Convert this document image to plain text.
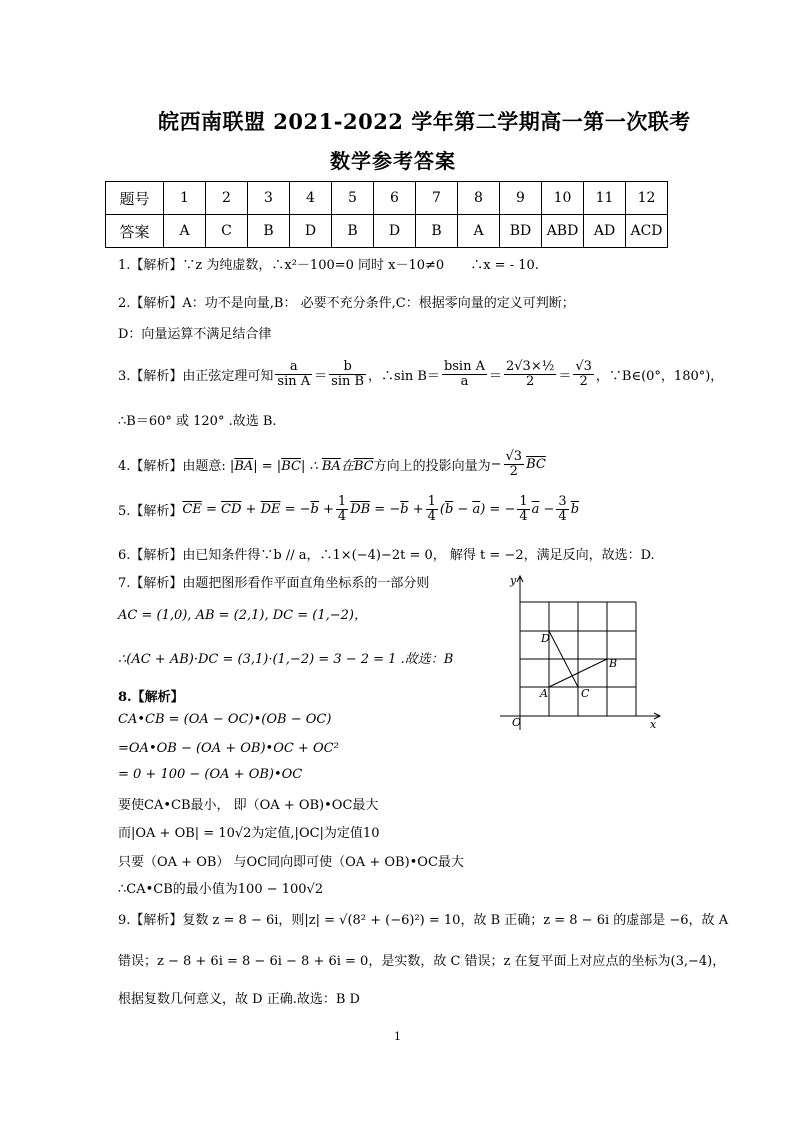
皖西南联盟 2021-2022 学年第二学期高一第一次联考
数学参考答案
题号	1	2	3	4	5	6	7	8	9	10	11	12
答案	A	C	B	D	B	D	B	A	BD	ABD	AD	ACD
1.【解析】∵z 为纯虚数，∴x²－100=0 同时 x－10≠0　　∴x = - 10.
2.【解析】A：功不是向量,B： 必要不充分条件,C：根据零向量的定义可判断；
D：向量运算不满足结合律
3.【解析】由正弦定理可知 $\frac{a}{\text{sin A}} = \frac{b}{\text{sin B}}$ ，∴sin $B= \frac{\text{bsin A}}{a} = \frac{\text{2√3×½}}{2} = \frac{√3}{2}$ ，∵B∈(0°，180°)，
∴B＝60° 或 120° .故选 B.
4.【解析】由题意: $|\overline{BA}| = |\overline{BC}|$ ∴ $\overline{BA}$在$\overline{BC}$ 方向上的投影向量为 − $\frac{√3}{2} \overline{BC}$
5.【解析】 $\overline{CE} = \overline{CD} + \overline{DE} = -\overline{b} + \frac{1}{4} \overline{DB} = -\overline{b} + \frac{1}{4} (\overline{b} - \overline{a})$ = − $\frac{1}{4} \overline{a} - \frac{3}{4} \overline{b}$
6.【解析】由已知条件得∵b // a，∴1×(−4)−2t = 0， 解得 t = −2，满足反向，故选：D.
7.【解析】由题把图形看作平面直角坐标系的一部分则
AC = (1,0), AB = (2,1), DC = (1,−2)，
∴(AC + AB)·DC = (3,1)·(1,−2) = 3 − 2 = 1 .故选：B
8.【解析】
CA•CB = (OA − OC)•(OB − OC)
=OA•OB − (OA + OB)•OC + OC²
= 0 + 100 − (OA + OB)•OC
要使CA•CB最小， 即（OA + OB)•OC最大
而|OA + OB| = 10√2为定值,|OC|为定值10
只要（OA + OB） 与OC同向即可使（OA + OB)•OC最大
∴CA•CB的最小值为100 − 100√2
9.【解析】复数 z = 8 − 6i，则|z| = √(8² + (−6)²) = 10，故 B 正确；z = 8 − 6i 的虚部是 −6，故 A
错误；z − 8 + 6i = 8 − 6i − 8 + 6i = 0，是实数，故 C 错误；z 在复平面上对应点的坐标为(3,−4)，
根据复数几何意义，故 D 正确.故选：B D
y
x
O
A
B
C
D
1
